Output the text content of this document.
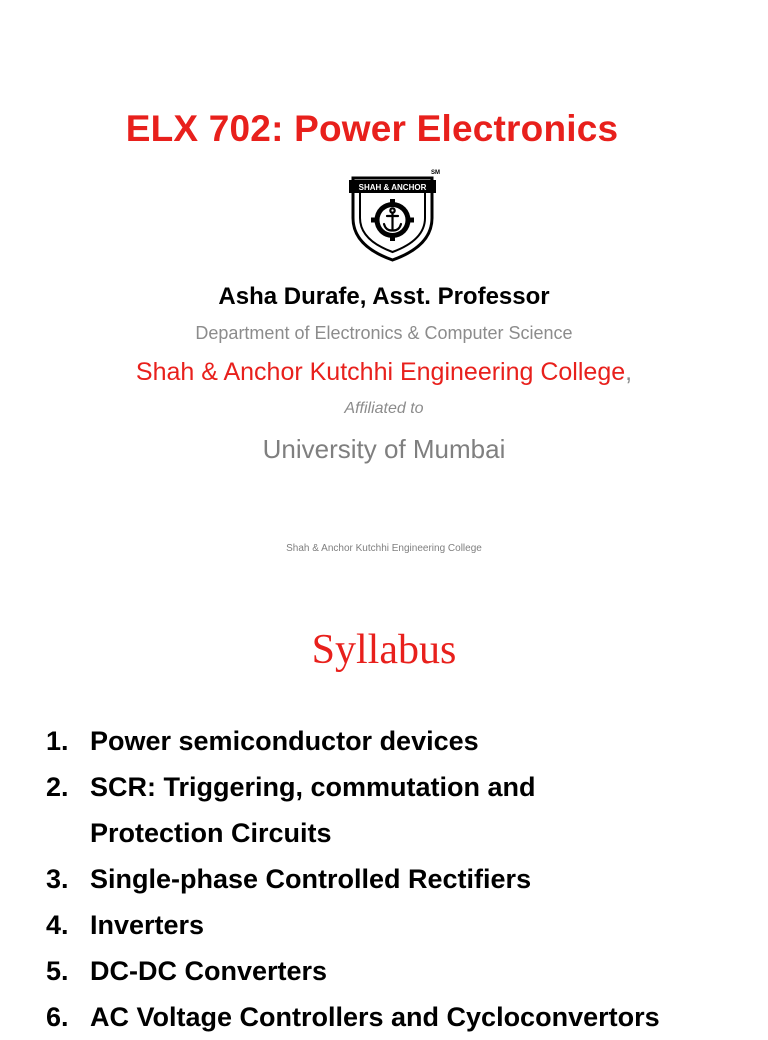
ELX 702: Power Electronics
SHAH & ANCHOR
SM
Asha Durafe, Asst. Professor
Department of Electronics & Computer Science
Shah & Anchor Kutchhi Engineering College,
Affiliated to
University of Mumbai
Shah & Anchor Kutchhi Engineering College
Syllabus
1. Power semiconductor devices
2. SCR: Triggering, commutation and
Protection Circuits
3. Single-phase Controlled Rectifiers
4. Inverters
5. DC-DC Converters
6. AC Voltage Controllers and Cycloconvertors
